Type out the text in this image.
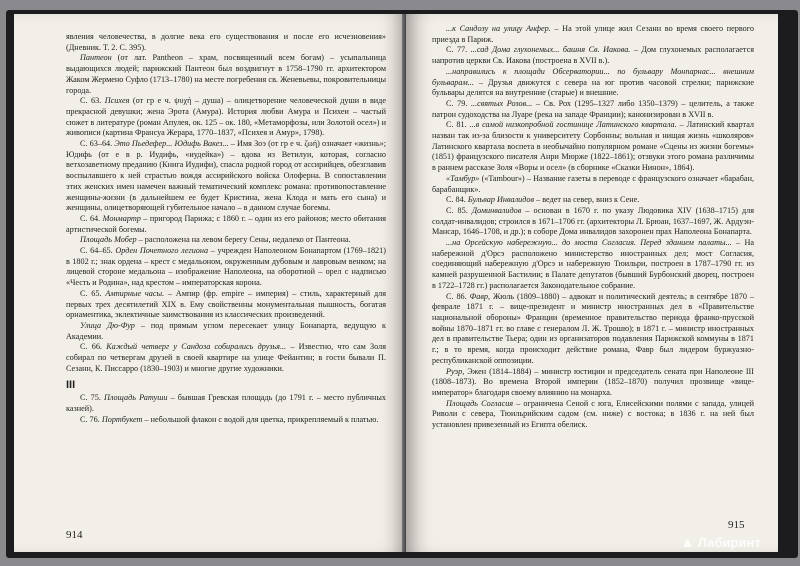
явления человечества, в долгие века его существования и после его исчезновения» (Дневник. Т. 2. С. 395).

Пантеон (от лат. Pantheon – храм, посвященный всем богам) – усыпальница выдающихся людей; парижский Пантеон был воздвигнут в 1758–1790 гг. архитектором Жаком Жермено Суфло (1713–1780) на месте погребения св. Женевьевы, покровительницы города.

С. 63. Психея (от гр е ч. ψυχή – душа) – олицетворение человеческой души в виде прекрасной девушки; жена Эрота (Амура). История любви Амура и Психеи – частый сюжет в литературе (роман Апулея, ок. 125 – ок. 180, «Метаморфозы, или Золотой осел») и живописи (картина Франсуа Жерара, 1770–1837, «Психея и Амур», 1798).

С. 63–64. Это Пьедефер... Юдифь Вакез... – Имя Зоэ (от гр е ч. ζωή) означает «жизнь»; Юдифь (от е в р. Иудифь, «иудейка») – вдова из Ветилуи, которая, согласно ветхозаветному преданию (Книга Иудифи), спасла родной город от ассирийцев, обезглавив воспылавшего к ней страстью вождя ассирийского войска Олоферна. В сопоставлении этих женских имен намечен важный тематический комплекс романа: противопоставление женщины-жизни (в дальнейшем ее будет Кристина, жена Клода и мать его сына) и женщины, олицетворяющей губительное начало – в данном случае богемы.

С. 64. Монмартр – пригород Парижа; с 1860 г. – один из его районов; место обитания артистической богемы.

Площадь Мобер – расположена на левом берегу Сены, недалеко от Пантеона.

С. 64–65. Орден Почетного легиона – учрежден Наполеоном Бонапартом (1769–1821) в 1802 г.; знак ордена – крест с медальоном, окруженным дубовым и лавровым венком; на лицевой стороне медальона – изображение Наполеона, на оборотной – орел с надписью «Честь и Родина», над крестом – императорская корона.

С. 65. Ампирные часы. – Ампир (фр. empire – империя) – стиль, характерный для первых трех десятилетий XIX в. Ему свойственны монументальная пышность, богатая орнаментика, эклектичные заимствования из классических произведений.

Улица Дю-Фур – под прямым углом пересекает улицу Бонапарта, ведущую к Академии.

С. 66. Каждый четверг у Сандоза собирались друзья... – Известно, что сам Золя собирал по четвергам друзей в своей квартире на улице Фейантин; в гости бывали П. Сезанн, К. Писсарро (1830–1903) и многие другие художники.

III

С. 75. Площадь Ратуши – бывшая Гревская площадь (до 1791 г. – место публичных казней).

С. 76. Портбукет – небольшой флакон с водой для цветка, прикрепляемый к платью.

914

...к Сандозу на улицу Анфер. – На этой улице жил Сезанн во время своего первого приезда в Париж.

С. 77. ...сад Дома глухонемых... башня Св. Иакова. – Дом глухонемых располагается напротив церкви Св. Иакова (построена в XVII в.).

...направились к площади Обсерватории... по бульвару Монпарнас... внешним бульварам... – Друзья движутся с севера на юг против часовой стрелки; парижские бульвары делятся на внутренние (старые) и внешние.

С. 79. ...святых Розов... – Св. Рох (1295–1327 либо 1350–1379) – целитель, а также патрон судоходства на Луаре (река на западе Франции); канонизирован в XVII в.

С. 81. ...в самой низкопробной гостинице Латинского квартала. – Латинский квартал назван так из-за близости к университету Сорбонны; вольная и нищая жизнь «школяров» Латинского квартала воспета в необычайно популярном романе «Сцены из жизни богемы» (1851) французского писателя Анри Мюрже (1822–1861); отзвуки этого романа различимы в раннем рассказе Золя «Воры и осел» (в сборнике «Сказки Нинон», 1864).

«Тамбур» («Tambour») – Название газеты в переводе с французского означает «барабан, барабанщик».

С. 84. Бульвар Инвалидов – ведет на север, вниз к Сене.

С. 85. Доминвалидов – основан в 1670 г. по указу Людовика XIV (1638–1715) для солдат-инвалидов; строился в 1671–1706 гг. (архитекторы Л. Брюан, 1637–1697, Ж. Ардуэн-Мансар, 1646–1708, и др.); в соборе Дома инвалидов захоронен прах Наполеона Бонапарта.

...на Орсейскую набережную... до моста Согласия. Перед зданием палаты... – На набережной д'Орсэ расположено министерство иностранных дел; мост Согласия, соединяющий набережную д'Орсэ и набережную Тюильри, построен в 1787–1790 гг. из камней разрушенной Бастилии; в Палате депутатов (бывший Бурбонский дворец, построен в 1722–1728 гг.) располагается Законодательное собрание.

С. 86. Фавр, Жюль (1809–1880) – адвокат и политический деятель; в сентябре 1870 – феврале 1871 г. – вице-президент и министр иностранных дел в «Правительстве национальной обороны» Франции (временное правительство периода франко-прусской войны 1870–1871 гг. во главе с генералом Л. Ж. Трошю); в 1871 г. – министр иностранных дел в правительстве Тьера; один из организаторов подавления Парижской коммуны в 1871 г.; в то время, когда происходит действие романа, Фавр был лидером буржуазно-республиканской оппозиции.

Руэр, Эжен (1814–1884) – министр юстиции и председатель сената при Наполеоне III (1808–1873). Во времена Второй империи (1852–1870) получил прозвище «вице-император» благодаря своему влиянию на монарха.

Площадь Согласия – ограничена Сеной с юга, Елисейскими полями с запада, улицей Риволи с севера, Тюильрийским садом (см. ниже) с востока; в 1836 г. на ней был установлен привезенный из Египта обелиск.

915
▲ Лабиринт
